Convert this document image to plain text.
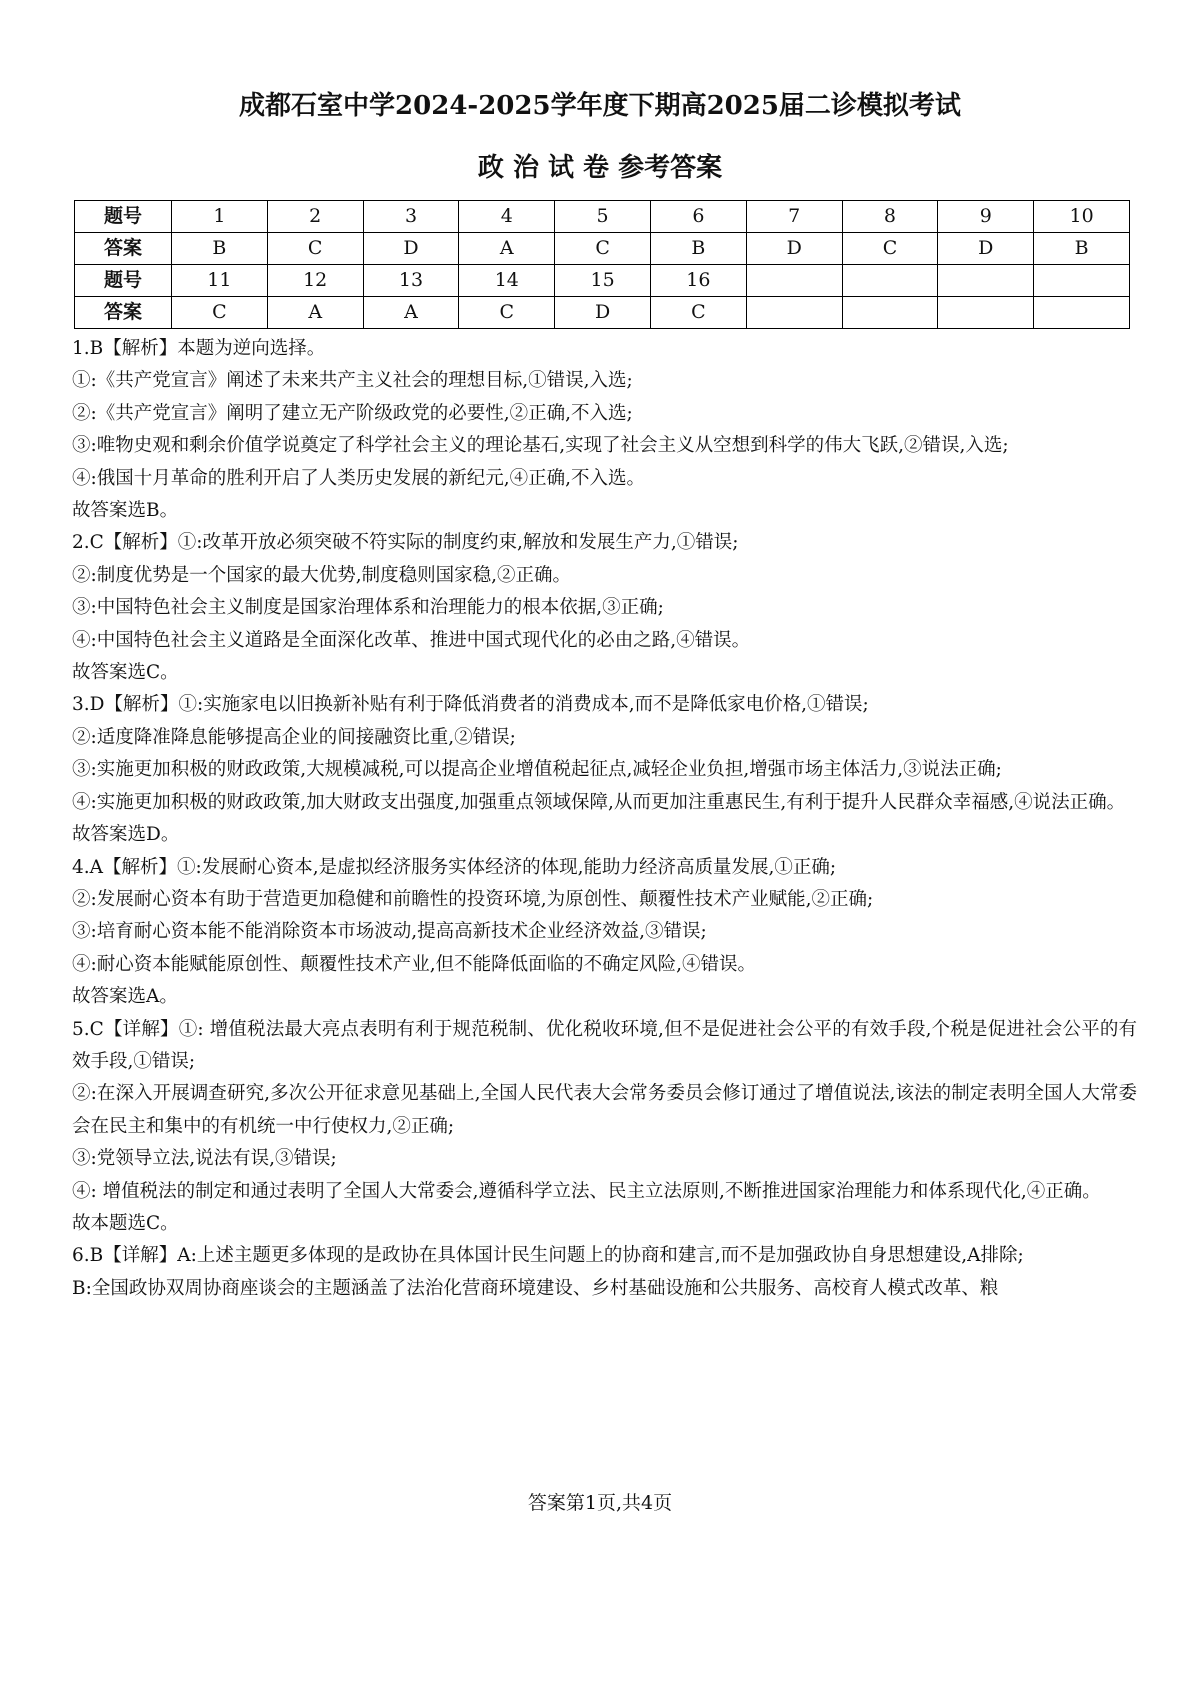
成都石室中学2024-2025学年度下期高2025届二诊模拟考试
政 治 试 卷 参考答案
题号	1	2	3	4	5	6	7	8	9	10
答案	B	C	D	A	C	B	D	C	D	B
题号	11	12	13	14	15	16				
答案	C	A	A	C	D	C				

1.B【解析】本题为逆向选择。

①:《共产党宣言》阐述了未来共产主义社会的理想目标,①错误,入选;

②:《共产党宣言》阐明了建立无产阶级政党的必要性,②正确,不入选;

③:唯物史观和剩余价值学说奠定了科学社会主义的理论基石,实现了社会主义从空想到科学的伟大飞跃,②错误,入选;

④:俄国十月革命的胜利开启了人类历史发展的新纪元,④正确,不入选。

故答案选B。

2.C【解析】①:改革开放必须突破不符实际的制度约束,解放和发展生产力,①错误;

②:制度优势是一个国家的最大优势,制度稳则国家稳,②正确。

③:中国特色社会主义制度是国家治理体系和治理能力的根本依据,③正确;

④:中国特色社会主义道路是全面深化改革、推进中国式现代化的必由之路,④错误。

故答案选C。

3.D【解析】①:实施家电以旧换新补贴有利于降低消费者的消费成本,而不是降低家电价格,①错误;

②:适度降准降息能够提高企业的间接融资比重,②错误;

③:实施更加积极的财政政策,大规模减税,可以提高企业增值税起征点,减轻企业负担,增强市场主体活力,③说法正确;

④:实施更加积极的财政政策,加大财政支出强度,加强重点领域保障,从而更加注重惠民生,有利于提升人民群众幸福感,④说法正确。

故答案选D。

4.A【解析】①:发展耐心资本,是虚拟经济服务实体经济的体现,能助力经济高质量发展,①正确;

②:发展耐心资本有助于营造更加稳健和前瞻性的投资环境,为原创性、颠覆性技术产业赋能,②正确;

③:培育耐心资本能不能消除资本市场波动,提高高新技术企业经济效益,③错误;

④:耐心资本能赋能原创性、颠覆性技术产业,但不能降低面临的不确定风险,④错误。

故答案选A。

5.C【详解】①: 增值税法最大亮点表明有利于规范税制、优化税收环境,但不是促进社会公平的有效手段,个税是促进社会公平的有效手段,①错误;

②:在深入开展调查研究,多次公开征求意见基础上,全国人民代表大会常务委员会修订通过了增值说法,该法的制定表明全国人大常委会在民主和集中的有机统一中行使权力,②正确;

③:党领导立法,说法有误,③错误;

④: 增值税法的制定和通过表明了全国人大常委会,遵循科学立法、民主立法原则,不断推进国家治理能力和体系现代化,④正确。

故本题选C。

6.B【详解】A:上述主题更多体现的是政协在具体国计民生问题上的协商和建言,而不是加强政协自身思想建设,A排除;

B:全国政协双周协商座谈会的主题涵盖了法治化营商环境建设、乡村基础设施和公共服务、高校育人模式改革、粮

答案第1页,共4页
